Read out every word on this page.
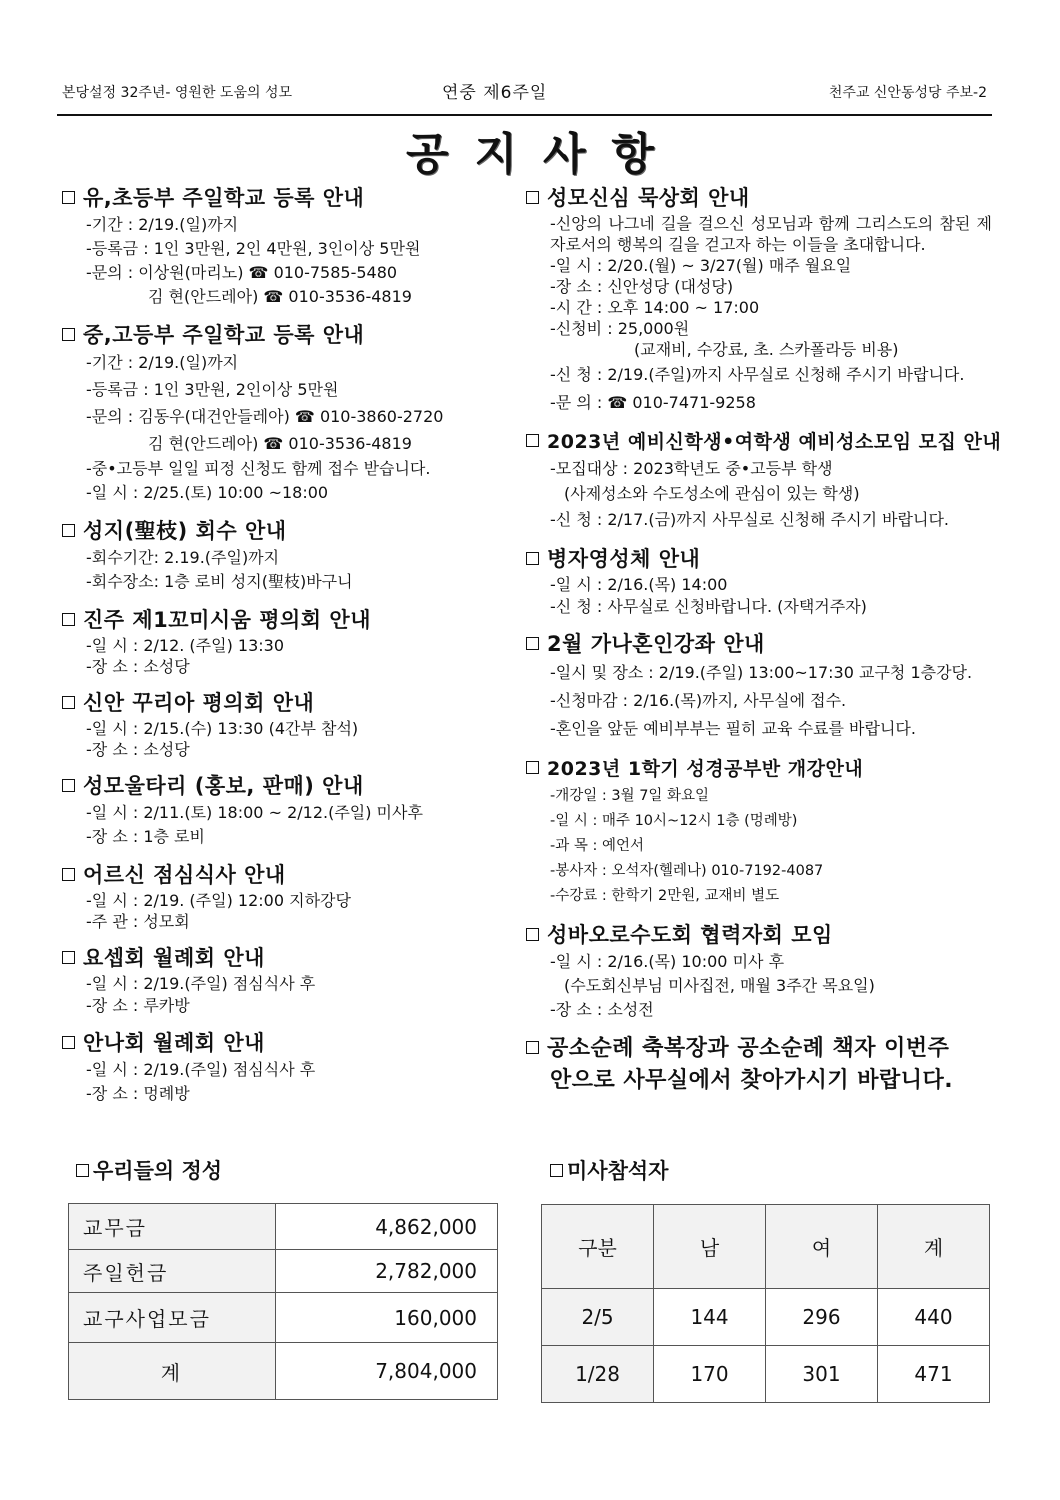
본당설정 32주년- 영원한 도움의 성모	연중 제6주일	천주교 신안동성당 주보-2
공지사항
유,초등부 주일학교 등록 안내
-기간 : 2/19.(일)까지
-등록금 : 1인 3만원, 2인 4만원, 3인이상 5만원
-문의 : 이상원(마리노) ☎ 010-7585-5480
김 현(안드레아) ☎ 010-3536-4819
중,고등부 주일학교 등록 안내
-기간 : 2/19.(일)까지
-등록금 : 1인 3만원, 2인이상 5만원
-문의 : 김동우(대건안들레아) ☎ 010-3860-2720
김 현(안드레아) ☎ 010-3536-4819
-중•고등부 일일 피정 신청도 함께 접수 받습니다.
-일 시 : 2/25.(토) 10:00 ~18:00
성지(聖枝) 회수 안내
-회수기간: 2.19.(주일)까지
-회수장소: 1층 로비 성지(聖枝)바구니
진주 제1꼬미시움 평의회 안내
-일 시 : 2/12. (주일) 13:30
-장 소 : 소성당
신안 꾸리아 평의회 안내
-일 시 : 2/15.(수) 13:30 (4간부 참석)
-장 소 : 소성당
성모울타리 (홍보, 판매) 안내
-일 시 : 2/11.(토) 18:00 ~ 2/12.(주일) 미사후
-장 소 : 1층 로비
어르신 점심식사 안내
-일 시 : 2/19. (주일) 12:00 지하강당
-주 관 : 성모회
요셉회 월례회 안내
-일 시 : 2/19.(주일) 점심식사 후
-장 소 : 루카방
안나회 월례회 안내
-일 시 : 2/19.(주일) 점심식사 후
-장 소 : 멍례방
성모신심 묵상회 안내
-신앙의 나그네 길을 걸으신 성모님과 함께 그리스도의 참된 제자로서의 행복의 길을 걷고자 하는 이들을 초대합니다.
-일 시 : 2/20.(월) ~ 3/27(월) 매주 월요일
-장 소 : 신안성당 (대성당)
-시 간 : 오후 14:00 ~ 17:00
-신청비 : 25,000원
(교재비, 수강료, 초. 스카폴라등 비용)
-신 청 : 2/19.(주일)까지 사무실로 신청해 주시기 바랍니다.
-문 의 : ☎ 010-7471-9258
2023년 예비신학생•여학생 예비성소모임 모집 안내
-모집대상 : 2023학년도 중•고등부 학생
(사제성소와 수도성소에 관심이 있는 학생)
-신 청 : 2/17.(금)까지 사무실로 신청해 주시기 바랍니다.
병자영성체 안내
-일 시 : 2/16.(목) 14:00
-신 청 : 사무실로 신청바랍니다. (자택거주자)
2월 가나혼인강좌 안내
-일시 및 장소 : 2/19.(주일) 13:00~17:30 교구청 1층강당.
-신청마감 : 2/16.(목)까지, 사무실에 접수.
-혼인을 앞둔 예비부부는 필히 교육 수료를 바랍니다.
2023년 1학기 성경공부반 개강안내
-개강일 : 3월 7일 화요일
-일 시 : 매주 10시~12시 1층 (멍례방)
-과 목 : 예언서
-봉사자 : 오석자(헬레나) 010-7192-4087
-수강료 : 한학기 2만원, 교재비 별도
성바오로수도회 협력자회 모임
-일 시 : 2/16.(목) 10:00 미사 후
(수도회신부님 미사집전, 매월 3주간 목요일)
-장 소 : 소성전
공소순례 축복장과 공소순례 책자 이번주
안으로 사무실에서 찾아가시기 바랍니다.
우리들의 정성
교무금	4,862,000
주일헌금	2,782,000
교구사업모금	160,000
계	7,804,000
미사참석자
구분	남	여	계
2/5	144	296	440
1/28	170	301	471
